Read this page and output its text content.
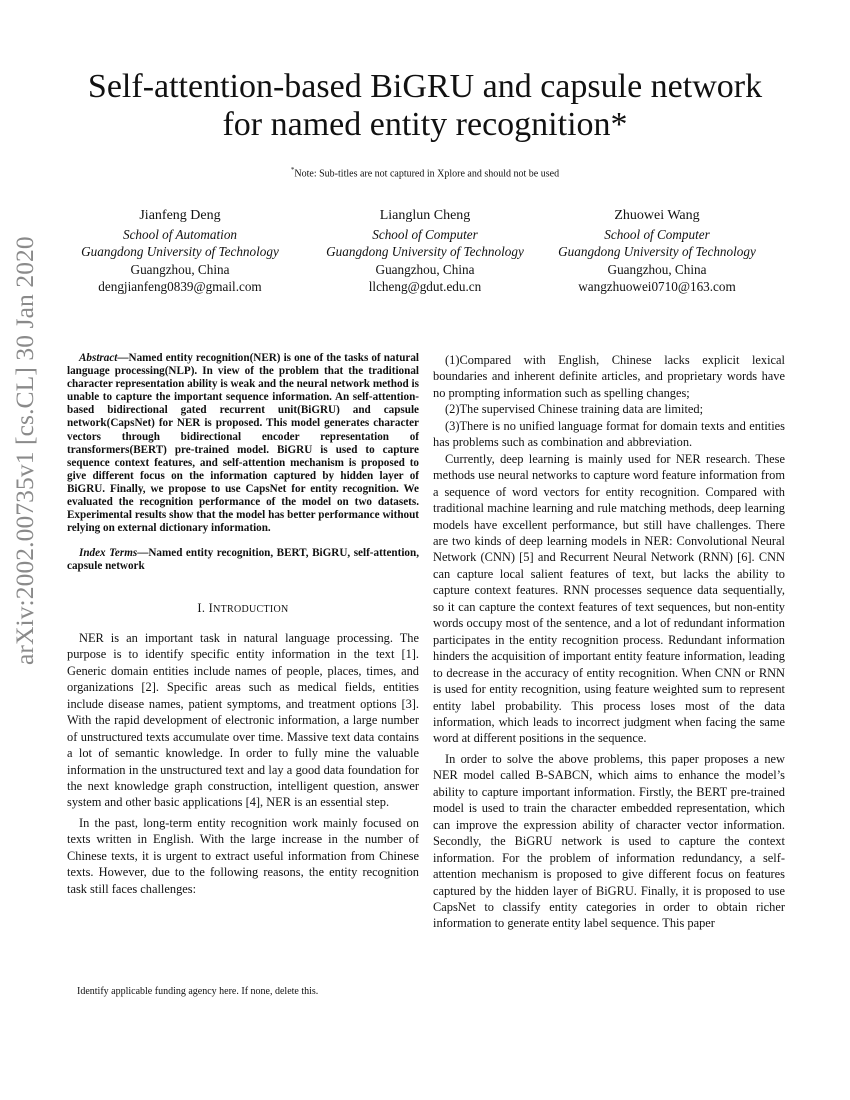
arXiv:2002.00735v1 [cs.CL] 30 Jan 2020
Self-attention-based BiGRU and capsule network
for named entity recognition*
*Note: Sub-titles are not captured in Xplore and should not be used
Jianfeng Deng
School of Automation
Guangdong University of Technology
Guangzhou, China
dengjianfeng0839@gmail.com
Lianglun Cheng
School of Computer
Guangdong University of Technology
Guangzhou, China
llcheng@gdut.edu.cn
Zhuowei Wang
School of Computer
Guangdong University of Technology
Guangzhou, China
wangzhuowei0710@163.com

Abstract—Named entity recognition(NER) is one of the tasks of natural language processing(NLP). In view of the problem that the traditional character representation ability is weak and the neural network method is unable to capture the important sequence information. An self-attention-based bidirectional gated recurrent unit(BiGRU) and capsule network(CapsNet) for NER is proposed. This model generates character vectors through bidirectional encoder representation of transformers(BERT) pre-trained model. BiGRU is used to capture sequence context features, and self-attention mechanism is proposed to give different focus on the information captured by hidden layer of BiGRU. Finally, we propose to use CapsNet for entity recognition. We evaluated the recognition performance of the model on two datasets. Experimental results show that the model has better performance without relying on external dictionary information.

Index Terms—Named entity recognition, BERT, BiGRU, self-attention, capsule network

I. INTRODUCTION

NER is an important task in natural language processing. The purpose is to identify specific entity information in the text [1]. Generic domain entities include names of people, places, times, and organizations [2]. Specific areas such as medical fields, entities include disease names, patient symptoms, and treatment options [3]. With the rapid development of electronic information, a large number of unstructured texts accumulate over time. Massive text data contains a lot of semantic knowledge. In order to fully mine the valuable information in the unstructured text and lay a good data foundation for the next knowledge graph construction, intelligent question, answer system and other basic applications [4], NER is an essential step.

In the past, long-term entity recognition work mainly focused on texts written in English. With the large increase in the number of Chinese texts, it is urgent to extract useful information from Chinese texts. However, due to the following reasons, the entity recognition task still faces challenges:

(1)Compared with English, Chinese lacks explicit lexical boundaries and inherent definite articles, and proprietary words have no prompting information such as spelling changes;

(2)The supervised Chinese training data are limited;

(3)There is no unified language format for domain texts and entities has problems such as combination and abbreviation.

Currently, deep learning is mainly used for NER research. These methods use neural networks to capture word feature information from a sequence of word vectors for entity recognition. Compared with traditional machine learning and rule matching methods, deep learning models have excellent performance, but still have challenges. There are two kinds of deep learning models in NER: Convolutional Neural Network (CNN) [5] and Recurrent Neural Network (RNN) [6]. CNN can capture local salient features of text, but lacks the ability to capture context features. RNN processes sequence data sequentially, so it can capture the context features of text sequences, but non-entity words occupy most of the sentence, and a lot of redundant information participates in the entity recognition process. Redundant information hinders the acquisition of important entity feature information, leading to decrease in the accuracy of entity recognition. When CNN or RNN is used for entity recognition, using feature weighted sum to represent entity label probability. This process loses most of the data information, which leads to incorrect judgment when facing the same word at different positions in the sequence.

In order to solve the above problems, this paper proposes a new NER model called B-SABCN, which aims to enhance the model’s ability to capture important information. Firstly, the BERT pre-trained model is used to train the character embedded representation, which can improve the expression ability of character vector information. Secondly, the BiGRU network is used to capture the context information. For the problem of information redundancy, a self-attention mechanism is proposed to give different focus on features captured by the hidden layer of BiGRU. Finally, it is proposed to use CapsNet to classify entity categories in order to obtain richer information to generate entity label sequence. This paper

Identify applicable funding agency here. If none, delete this.
